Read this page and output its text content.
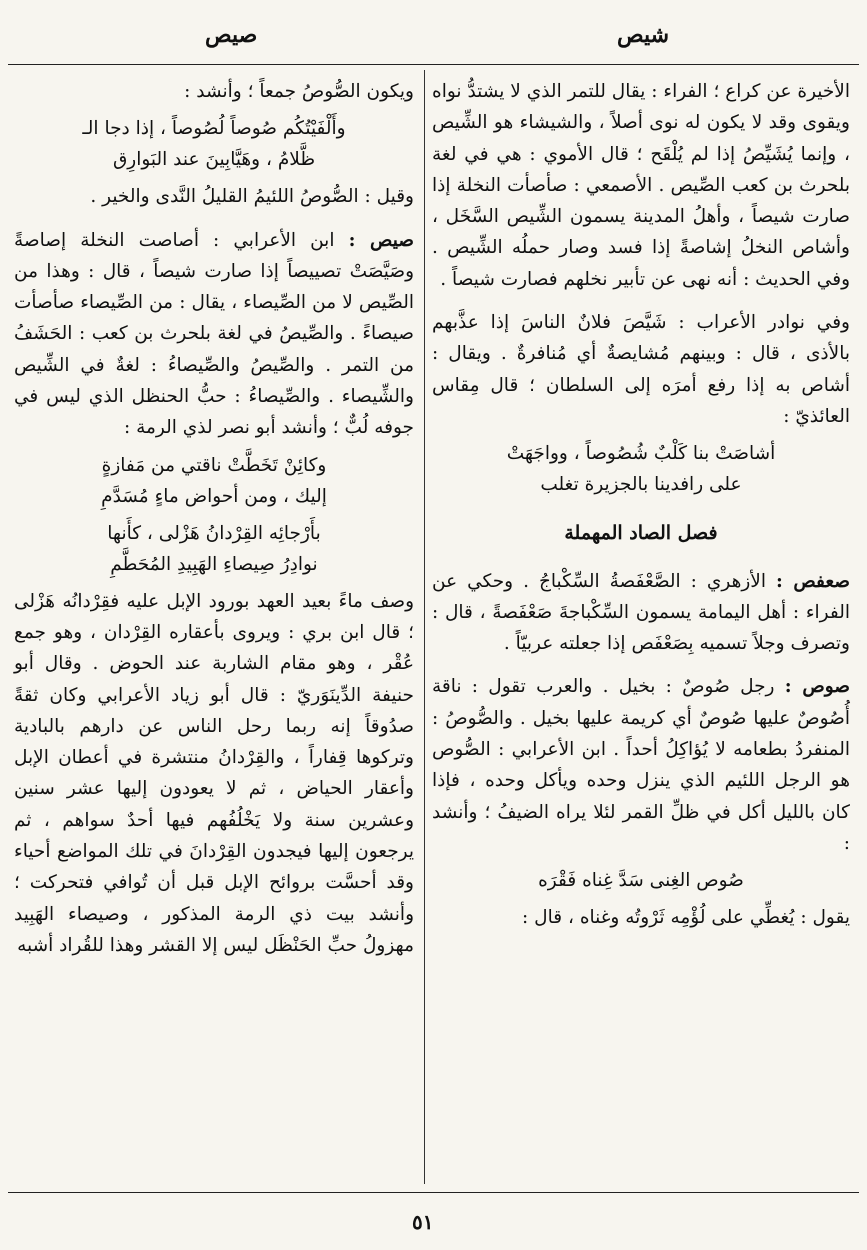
صيص	شيص

الأخيرة عن كراع ؛ الفراء : يقال للتمر الذي لا يشتدُّ نواه ويقوى وقد لا يكون له نوى أصلاً ، والشيشاء هو الشِّيص ، وإنما يُشَيِّصُ إذا لم يُلْقَح ؛ قال الأموي : هي في لغة بلحرث بن كعب الصِّيص . الأصمعي : صأصأت النخلة إذا صارت شيصاً ، وأهلُ المدينة يسمون الشِّيص السَّخَل ، وأشاص النخلُ إشاصةً إذا فسد وصار حملُه الشِّيص . وفي الحديث : أنه نهى عن تأبير نخلهم فصارت شيصاً .

وفي نوادر الأعراب : شَيَّصَ فلانٌ الناسَ إذا عذَّبهم بالأذى ، قال : وبينهم مُشايصةٌ أي مُنافرةٌ . ويقال : أشاص به إذا رفع أمرَه إلى السلطان ؛ قال مِقاس العائذيّ :

أشاصَتْ بنا كَلْبٌ شُصُوصاً ، وواجَهَتْ
على رافدينا بالجزيرة تغلب
فصل الصاد المهملة

صعفص : الأزهري : الصَّعْفَصةُ السِّكْباجُ . وحكي عن الفراء : أهل اليمامة يسمون السِّكْباجةَ صَعْفَصةً ، قال : وتصرف وجلاً تسميه بِصَعْفَص إذا جعلته عربيّاً .

صوص : رجل صُوصٌ : بخيل . والعرب تقول : ناقة أُصُوصٌ عليها صُوصٌ أي كريمة عليها بخيل . والصُّوصُ : المنفردُ بطعامه لا يُؤاكِلُ أحداً . ابن الأعرابي : الصُّوص هو الرجل اللئيم الذي ينزل وحده ويأكل وحده ، فإذا كان بالليل أكل في ظلِّ القمر لئلا يراه الضيفُ ؛ وأنشد :

صُوص الغِنى سَدَّ غِناه فَقْرَه

يقول : يُغطِّي على لُؤْمِه ثَرْوتُه وغناه ، قال :

ويكون الصُّوصُ جمعاً ؛ وأنشد :

وأَلْفَيْتُكُم صُوصاً لُصُوصاً ، إذا دجا الـ
ظَّلامُ ، وهَيَّابِينَ عند البَوارِق

وقيل : الصُّوصُ اللئيمُ القليلُ النَّدى والخير .

صيص : ابن الأعرابي : أصاصت النخلة إصاصةً وصَيَّصَتْ تصييصاً إذا صارت شيصاً ، قال : وهذا من الصِّيص لا من الصِّيصاء ، يقال : من الصِّيصاء صأصأت صيصاءً . والصِّيصُ في لغة بلحرث بن كعب : الحَشَفُ من التمر . والصِّيصُ والصِّيصاءُ : لغةٌ في الشِّيص والشِّيصاء . والصِّيصاءُ : حبُّ الحنظل الذي ليس في جوفه لُبٌّ ؛ وأنشد أبو نصر لذي الرمة :

وكائِنْ تَخَطَّتْ ناقتي من مَفازةٍ
إليك ، ومن أحواض ماءٍ مُسَدَّمِ
بأَرْجائِه القِرْدانُ هَزْلى ، كأَنها
نوادِرُ صِيصاءِ الهَبِيدِ المُحَطَّمِ

وصف ماءً بعيد العهد بورود الإبل عليه فقِرْدانُه هَزْلى ؛ قال ابن بري : ويروى بأعقاره القِرْدان ، وهو جمع عُقْر ، وهو مقام الشاربة عند الحوض . وقال أبو حنيفة الدِّينَوَريّ : قال أبو زياد الأعرابي وكان ثقةً صدُوقاً إنه ربما رحل الناس عن دارهم بالبادية وتركوها قِفاراً ، والقِرْدانُ منتشرة في أعطان الإبل وأعقار الحياض ، ثم لا يعودون إليها عشر سنين وعشرين سنة ولا يَخْلُفُهم فيها أحدٌ سواهم ، ثم يرجعون إليها فيجدون القِرْدانَ في تلك المواضع أحياء وقد أحسَّت بروائح الإبل قبل أن تُوافي فتحركت ؛ وأنشد بيت ذي الرمة المذكور ، وصيصاء الهَبِيد مهزولُ حبِّ الحَنْظَل ليس إلا القشر وهذا للقُراد أشبه

٥١
